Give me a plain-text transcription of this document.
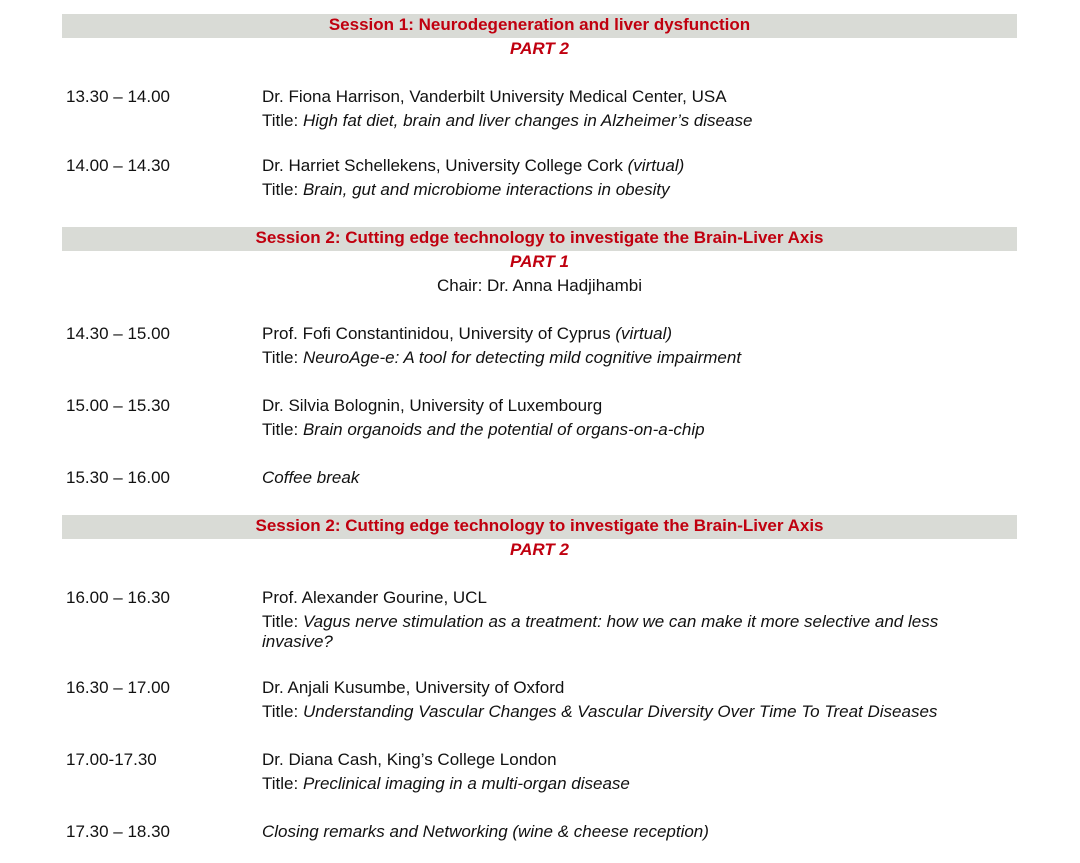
Session 1: Neurodegeneration and liver dysfunction
PART 2
13.30 – 14.00	Dr. Fiona Harrison, Vanderbilt University Medical Center, USA
Title: High fat diet, brain and liver changes in Alzheimer’s disease
14.00 – 14.30	Dr. Harriet Schellekens, University College Cork (virtual)
Title: Brain, gut and microbiome interactions in obesity
Session 2: Cutting edge technology to investigate the Brain-Liver Axis
PART 1
Chair: Dr. Anna Hadjihambi
14.30 – 15.00	Prof. Fofi Constantinidou, University of Cyprus (virtual)
Title: NeuroAge-e: A tool for detecting mild cognitive impairment
15.00 – 15.30	Dr. Silvia Bolognin, University of Luxembourg
Title: Brain organoids and the potential of organs-on-a-chip
15.30 – 16.00	Coffee break
Session 2: Cutting edge technology to investigate the Brain-Liver Axis
PART 2
16.00 – 16.30	Prof. Alexander Gourine, UCL
Title: Vagus nerve stimulation as a treatment: how we can make it more selective and less invasive?
16.30 – 17.00	Dr. Anjali Kusumbe, University of Oxford
Title: Understanding Vascular Changes & Vascular Diversity Over Time To Treat Diseases
17.00-17.30	Dr. Diana Cash, King’s College London
Title: Preclinical imaging in a multi-organ disease
17.30 – 18.30	Closing remarks and Networking (wine & cheese reception)
